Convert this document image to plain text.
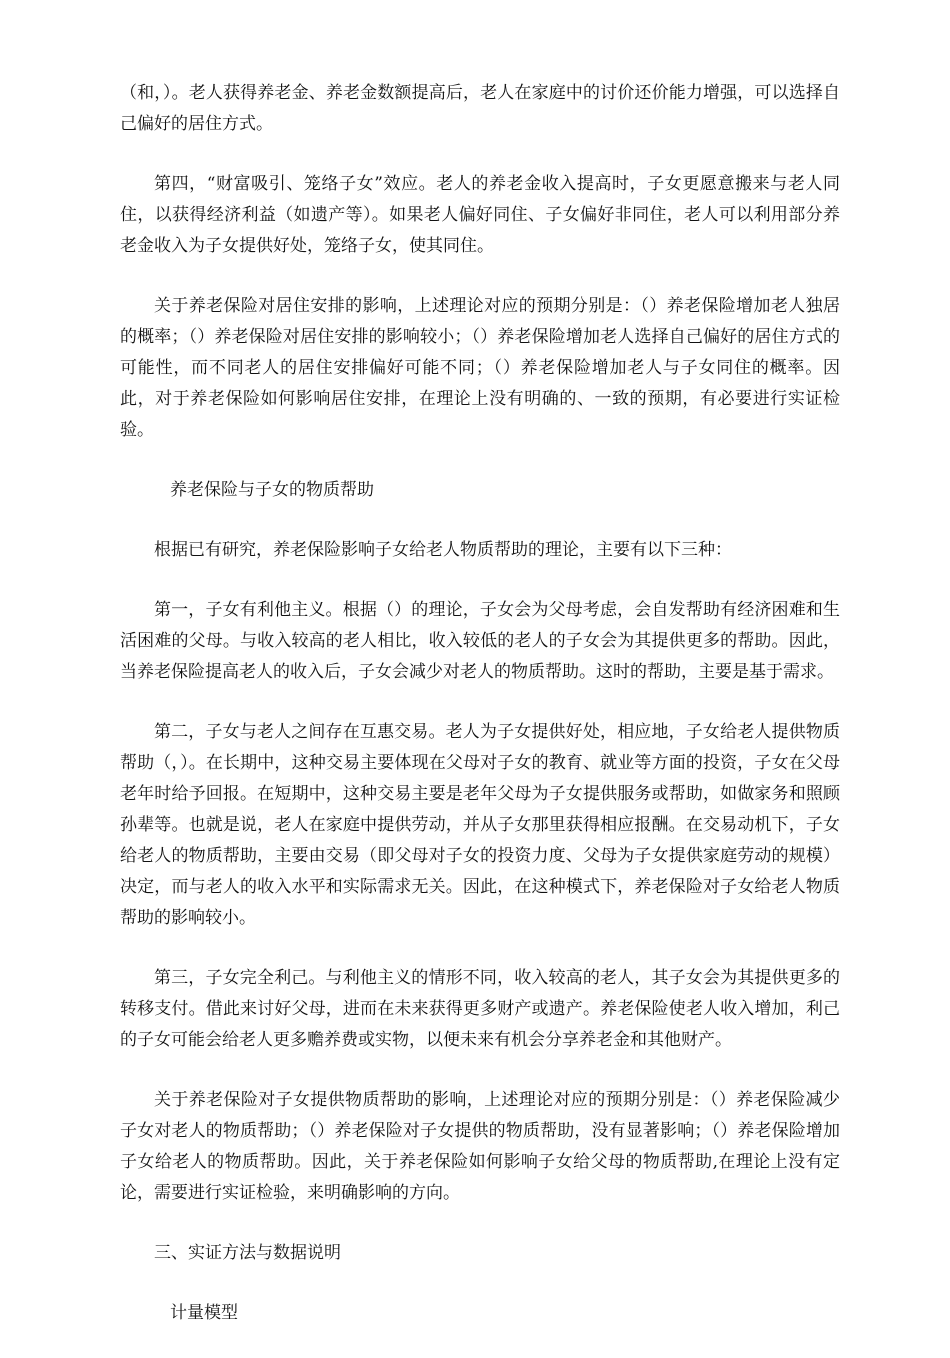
（和，）。老人获得养老金、养老金数额提高后，老人在家庭中的讨价还价能力增强，可以选择自己偏好的居住方式。

第四，“财富吸引、笼络子女”效应。老人的养老金收入提高时，子女更愿意搬来与老人同住，以获得经济利益（如遗产等）。如果老人偏好同住、子女偏好非同住，老人可以利用部分养老金收入为子女提供好处，笼络子女，使其同住。

关于养老保险对居住安排的影响，上述理论对应的预期分别是：（）养老保险增加老人独居的概率；（）养老保险对居住安排的影响较小；（）养老保险增加老人选择自己偏好的居住方式的可能性，而不同老人的居住安排偏好可能不同；（）养老保险增加老人与子女同住的概率。因此，对于养老保险如何影响居住安排，在理论上没有明确的、一致的预期，有必要进行实证检验。

养老保险与子女的物质帮助

根据已有研究，养老保险影响子女给老人物质帮助的理论，主要有以下三种：

第一，子女有利他主义。根据（）的理论，子女会为父母考虑，会自发帮助有经济困难和生活困难的父母。与收入较高的老人相比，收入较低的老人的子女会为其提供更多的帮助。因此，当养老保险提高老人的收入后，子女会减少对老人的物质帮助。这时的帮助，主要是基于需求。

第二，子女与老人之间存在互惠交易。老人为子女提供好处，相应地，子女给老人提供物质帮助（，）。在长期中，这种交易主要体现在父母对子女的教育、就业等方面的投资，子女在父母老年时给予回报。在短期中，这种交易主要是老年父母为子女提供服务或帮助，如做家务和照顾孙辈等。也就是说，老人在家庭中提供劳动，并从子女那里获得相应报酬。在交易动机下，子女给老人的物质帮助，主要由交易（即父母对子女的投资力度、父母为子女提供家庭劳动的规模）决定，而与老人的收入水平和实际需求无关。因此，在这种模式下，养老保险对子女给老人物质帮助的影响较小。

第三，子女完全利己。与利他主义的情形不同，收入较高的老人，其子女会为其提供更多的转移支付。借此来讨好父母，进而在未来获得更多财产或遗产。养老保险使老人收入增加，利己的子女可能会给老人更多赡养费或实物，以便未来有机会分享养老金和其他财产。

关于养老保险对子女提供物质帮助的影响，上述理论对应的预期分别是：（）养老保险减少子女对老人的物质帮助；（）养老保险对子女提供的物质帮助，没有显著影响；（）养老保险增加子女给老人的物质帮助。因此，关于养老保险如何影响子女给父母的物质帮助,在理论上没有定论，需要进行实证检验，来明确影响的方向。

三、实证方法与数据说明
计量模型
